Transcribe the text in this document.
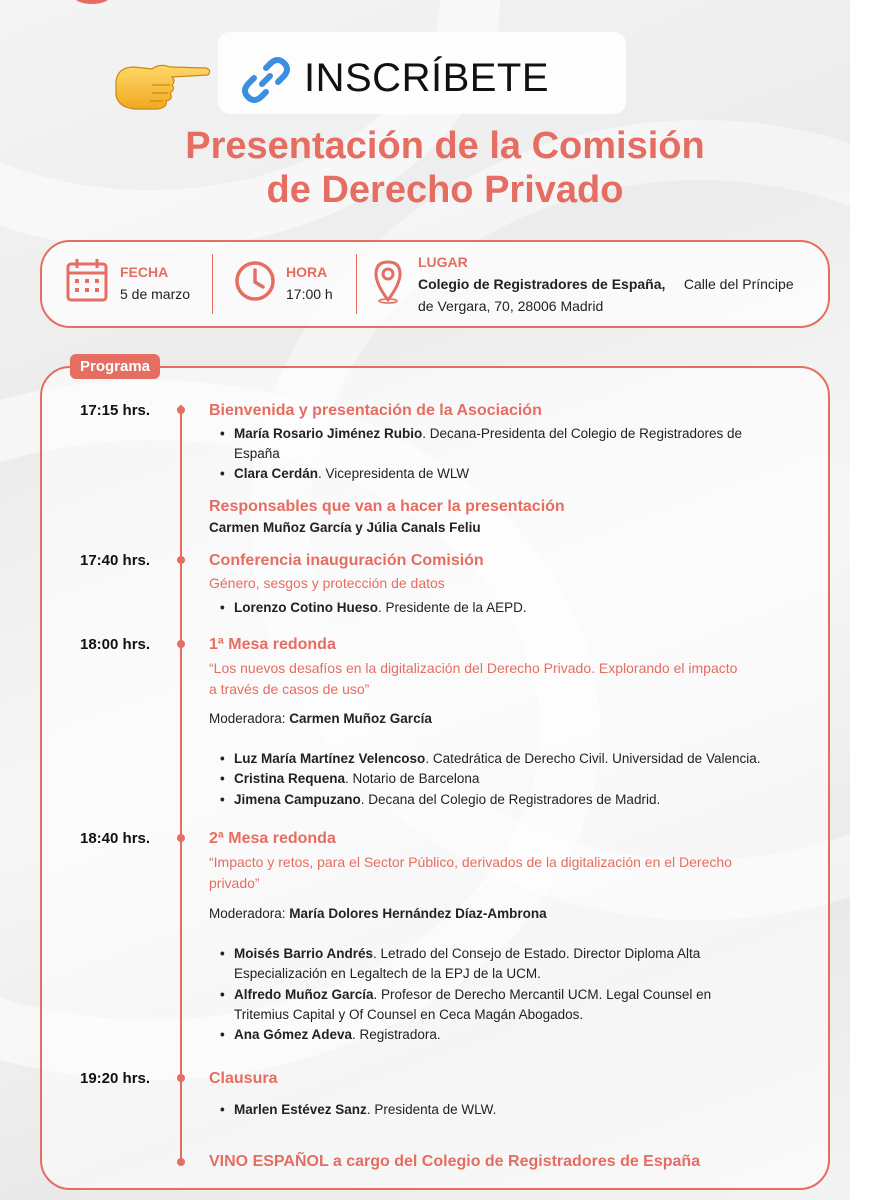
INSCRÍBETE
Presentación de la Comisión
de Derecho Privado
FECHA
5 de marzo
HORA
17:00 h
LUGAR
Colegio de Registradores de España, Calle del Príncipe
de Vergara, 70, 28006 Madrid
Programa
17:15 hrs.	Bienvenida y presentación de la Asociación
• María Rosario Jiménez Rubio. Decana-Presidenta del Colegio de Registradores de
España
• Clara Cerdán. Vicepresidenta de WLW
Responsables que van a hacer la presentación
Carmen Muñoz García y Júlia Canals Feliu
17:40 hrs.	Conferencia inauguración Comisión
Género, sesgos y protección de datos
• Lorenzo Cotino Hueso. Presidente de la AEPD.
18:00 hrs.	1ª Mesa redonda
“Los nuevos desafíos en la digitalización del Derecho Privado. Explorando el impacto
a través de casos de uso”
Moderadora: Carmen Muñoz García
• Luz María Martínez Velencoso. Catedrática de Derecho Civil. Universidad de Valencia.
• Cristina Requena. Notario de Barcelona
• Jimena Campuzano. Decana del Colegio de Registradores de Madrid.
18:40 hrs.	2ª Mesa redonda
“Impacto y retos, para el Sector Público, derivados de la digitalización en el Derecho
privado”
Moderadora: María Dolores Hernández Díaz-Ambrona
• Moisés Barrio Andrés. Letrado del Consejo de Estado. Director Diploma Alta
Especialización en Legaltech de la EPJ de la UCM.
• Alfredo Muñoz García. Profesor de Derecho Mercantil UCM. Legal Counsel en
Tritemius Capital y Of Counsel en Ceca Magán Abogados.
• Ana Gómez Adeva. Registradora.
19:20 hrs.	Clausura
• Marlen Estévez Sanz. Presidenta de WLW.
VINO ESPAÑOL a cargo del Colegio de Registradores de España
